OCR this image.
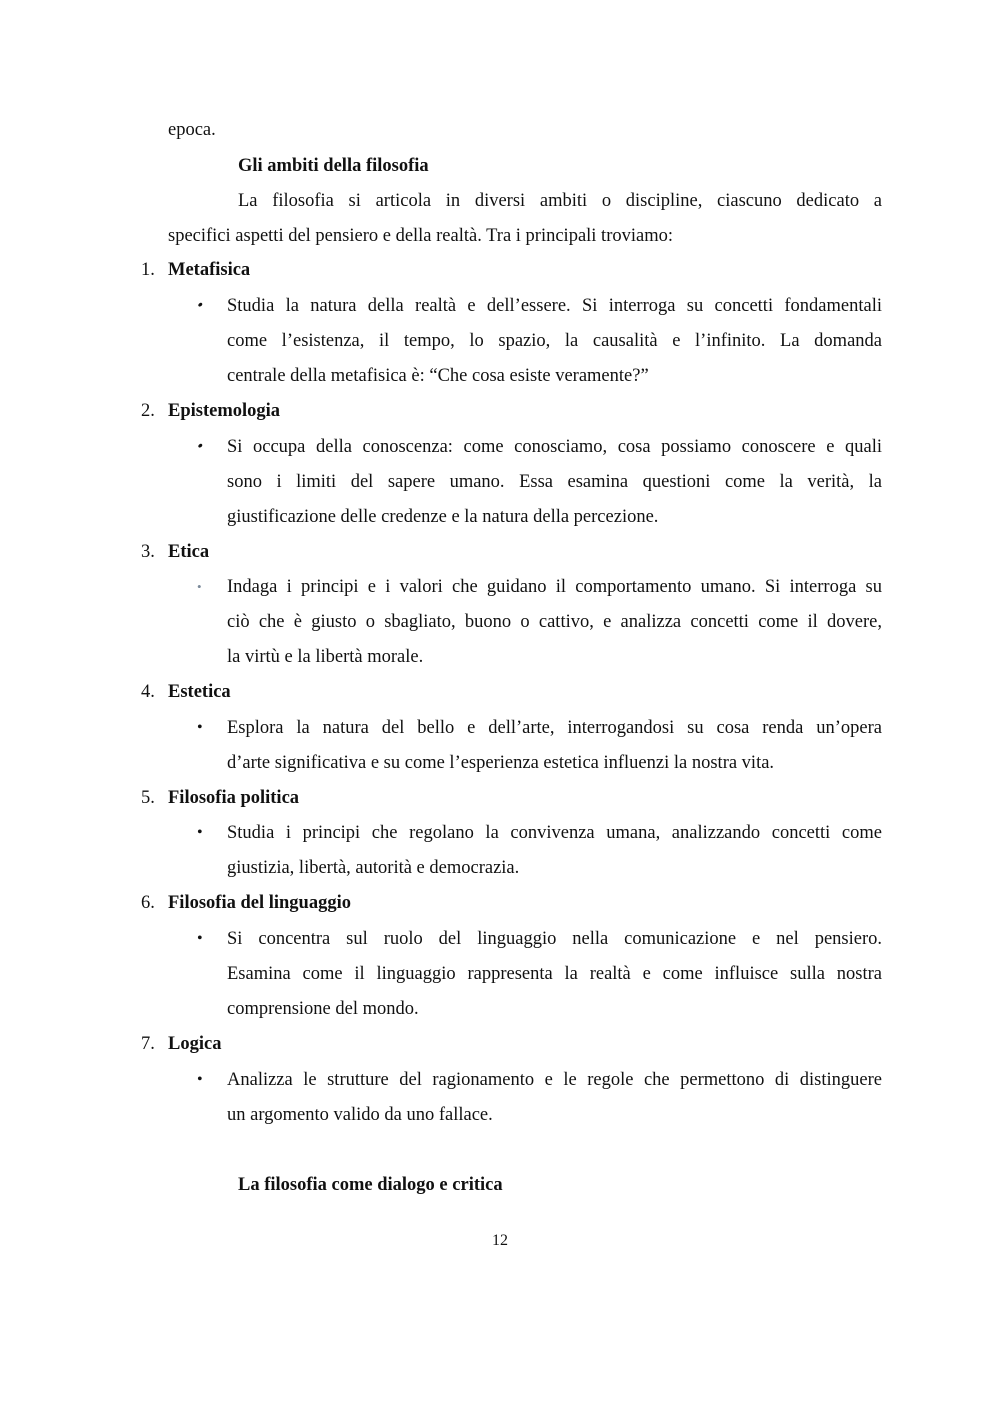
epoca.
Gli ambiti della filosofia
La filosofia si articola in diversi ambiti o discipline, ciascuno dedicato a
specifici aspetti del pensiero e della realtà. Tra i principali troviamo:
1. Metafisica
•	Studia la natura della realtà e dell’essere. Si interroga su concetti fondamentali
come l’esistenza, il tempo, lo spazio, la causalità e l’infinito. La domanda
centrale della metafisica è: “Che cosa esiste veramente?”
2. Epistemologia
•	Si occupa della conoscenza: come conosciamo, cosa possiamo conoscere e quali
sono i limiti del sapere umano. Essa esamina questioni come la verità, la
giustificazione delle credenze e la natura della percezione.
3. Etica
•	Indaga i principi e i valori che guidano il comportamento umano. Si interroga su
ciò che è giusto o sbagliato, buono o cattivo, e analizza concetti come il dovere,
la virtù e la libertà morale.
4. Estetica
•	Esplora la natura del bello e dell’arte, interrogandosi su cosa renda un’opera
d’arte significativa e su come l’esperienza estetica influenzi la nostra vita.
5. Filosofia politica
•	Studia i principi che regolano la convivenza umana, analizzando concetti come
giustizia, libertà, autorità e democrazia.
6. Filosofia del linguaggio
•	Si concentra sul ruolo del linguaggio nella comunicazione e nel pensiero.
Esamina come il linguaggio rappresenta la realtà e come influisce sulla nostra
comprensione del mondo.
7. Logica
•	Analizza le strutture del ragionamento e le regole che permettono di distinguere
un argomento valido da uno fallace.
La filosofia come dialogo e critica
12
